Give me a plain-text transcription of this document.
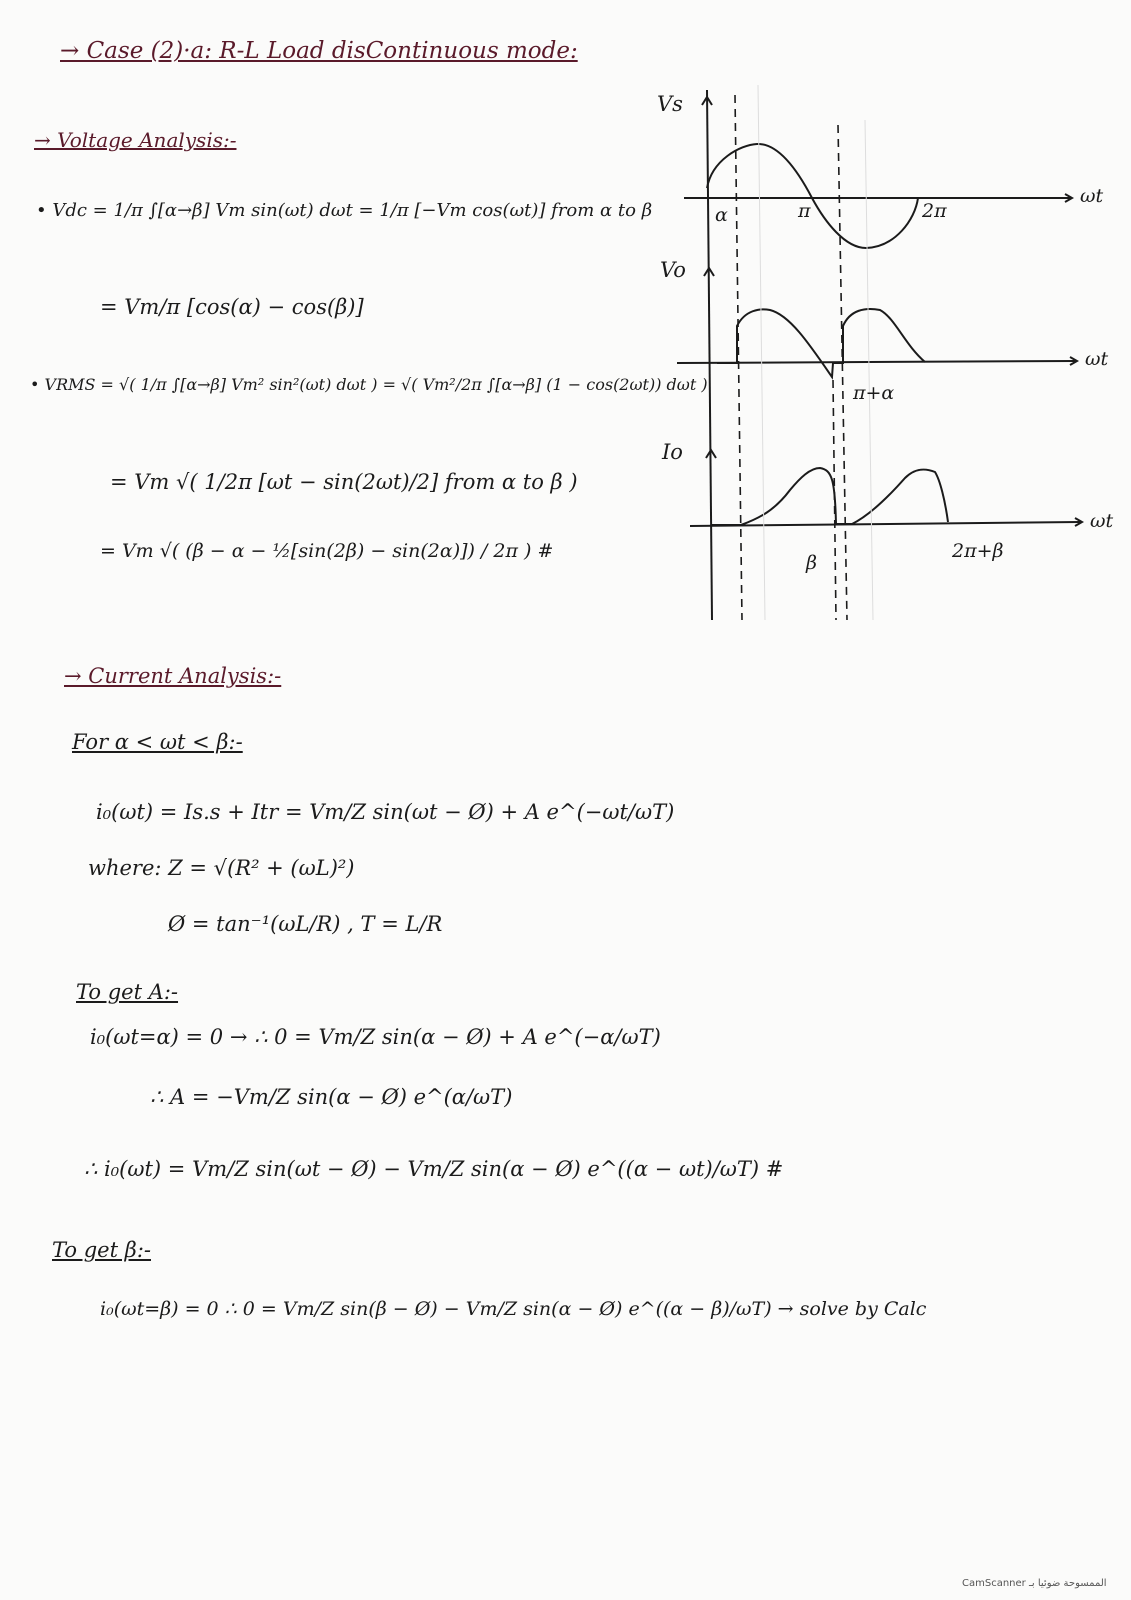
Vs
Vo
Io
ωt
ωt
ωt
α	π	2π
π+α
β
2π+β
→ Case (2)·a: R-L Load disContinuous mode:
→ Voltage Analysis:-
• Vdc = 1/π ∫[α→β] Vm sin(ωt) dωt = 1/π [−Vm cos(ωt)] from α to β
= Vm/π [cos(α) − cos(β)]
• VRMS = √( 1/π ∫[α→β] Vm² sin²(ωt) dωt ) = √( Vm²/2π ∫[α→β] (1 − cos(2ωt)) dωt )
= Vm √( 1/2π [ωt − sin(2ωt)/2] from α to β )
= Vm √( (β − α − ½[sin(2β) − sin(2α)]) / 2π ) #
→ Current Analysis:-
For α < ωt < β:-
i₀(ωt) = Is.s + Itr = Vm/Z sin(ωt − Ø) + A e^(−ωt/ωT)
where: Z = √(R² + (ωL)²)
Ø = tan⁻¹(ωL/R) , T = L/R
To get A:-
i₀(ωt=α) = 0 → ∴ 0 = Vm/Z sin(α − Ø) + A e^(−α/ωT)
∴ A = −Vm/Z sin(α − Ø) e^(α/ωT)
∴ i₀(ωt) = Vm/Z sin(ωt − Ø) − Vm/Z sin(α − Ø) e^((α − ωt)/ωT) #
To get β:-
i₀(ωt=β) = 0 ∴ 0 = Vm/Z sin(β − Ø) − Vm/Z sin(α − Ø) e^((α − β)/ωT) → solve by Calc
CamScanner الممسوحة ضوئيا بـ
